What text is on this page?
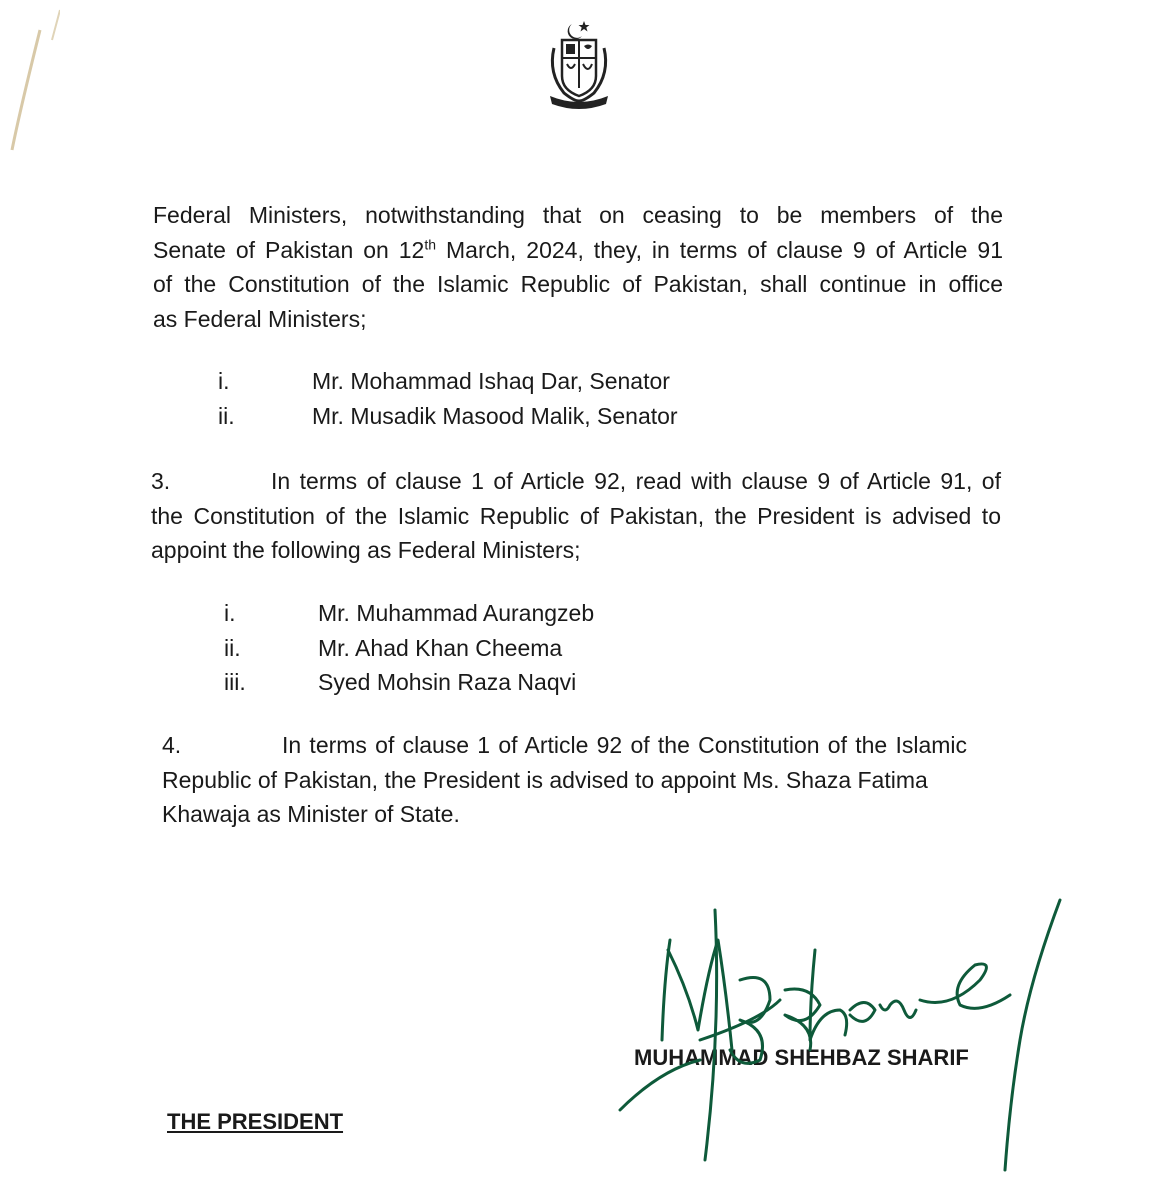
Federal Ministers, notwithstanding that on ceasing to be members of the
Senate of Pakistan on 12th March, 2024, they, in terms of clause 9 of Article 91
of the Constitution of the Islamic Republic of Pakistan, shall continue in office
as Federal Ministers;

i.	Mr. Mohammad Ishaq Dar, Senator
ii.	Mr. Musadik Masood Malik, Senator

3.	In terms of clause 1 of Article 92, read with clause 9 of Article 91, of
the Constitution of the Islamic Republic of Pakistan, the President is advised to
appoint the following as Federal Ministers;

i.	Mr. Muhammad Aurangzeb
ii.	Mr. Ahad Khan Cheema
iii.	Syed Mohsin Raza Naqvi

4.	In terms of clause 1 of Article 92 of the Constitution of the Islamic
Republic of Pakistan, the President is advised to appoint Ms. Shaza Fatima
Khawaja as Minister of State.

MUHAMMAD SHEHBAZ SHARIF
THE PRESIDENT
